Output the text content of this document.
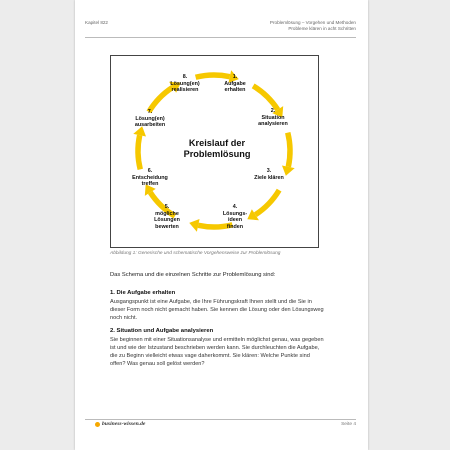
Kapitel 822	Problemlösung – Vorgehen und Methoden
Probleme klären in acht Schritten
Kreislauf der
Problemlösung
1.
Aufgabe
erhalten
2.
Situation
analysieren
3.
Ziele klären
4.
Lösungs-
ideen
finden
5.
mögliche
Lösungen
bewerten
6.
Entscheidung
treffen
7.
Lösung(en)
ausarbeiten
8.
Lösung(en)
realisieren
Abbildung 1: Generische und schematische Vorgehensweise zur Problemlösung
Das Schema und die einzelnen Schritte zur Problemlösung sind:
1. Die Aufgabe erhalten

Ausgangspunkt ist eine Aufgabe, die Ihre Führungskraft Ihnen stellt und die Sie in
dieser Form noch nicht gemacht haben. Sie kennen die Lösung oder den Lösungsweg
noch nicht.

2. Situation und Aufgabe analysieren

Sie beginnen mit einer Situationsanalyse und ermitteln möglichst genau, was gegeben
ist und wie der Istzustand beschrieben werden kann. Sie durchleuchten die Aufgabe,
die zu Beginn vielleicht etwas vage daherkommt. Sie klären: Welche Punkte sind
offen? Was genau soll gelöst werden?

business-wissen.de	Seite 4
